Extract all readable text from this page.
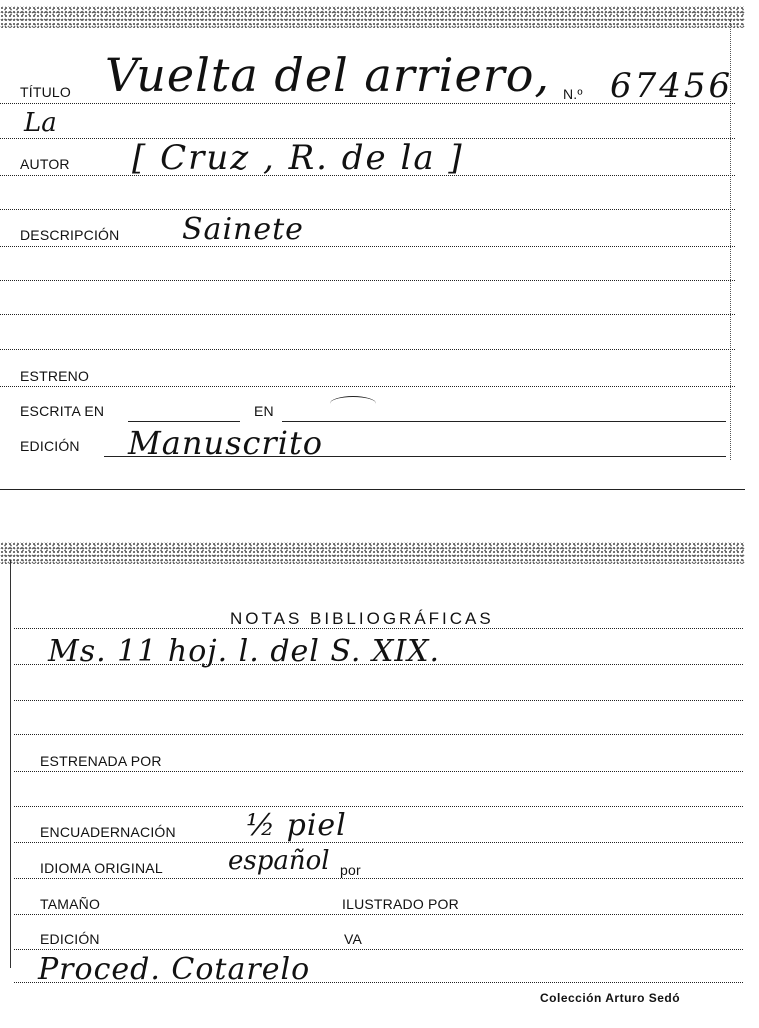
TÍTULO Vuelta del arriero, N.º 67456
La
AUTOR [ Cruz , R. de la ]
DESCRIPCIÓN Sainete
ESTRENO
ESCRITA EN	EN
EDICIÓN Manuscrito
NOTAS BIBLIOGRÁFICAS
Ms. 11 hoj. l. del S. XIX.
ESTRENADA POR
ENCUADERNACIÓN ½ piel
IDIOMA ORIGINAL	español por
TAMAÑO	ILUSTRADO POR
EDICIÓN	VA
Proced. Cotarelo
Colección Arturo Sedó
